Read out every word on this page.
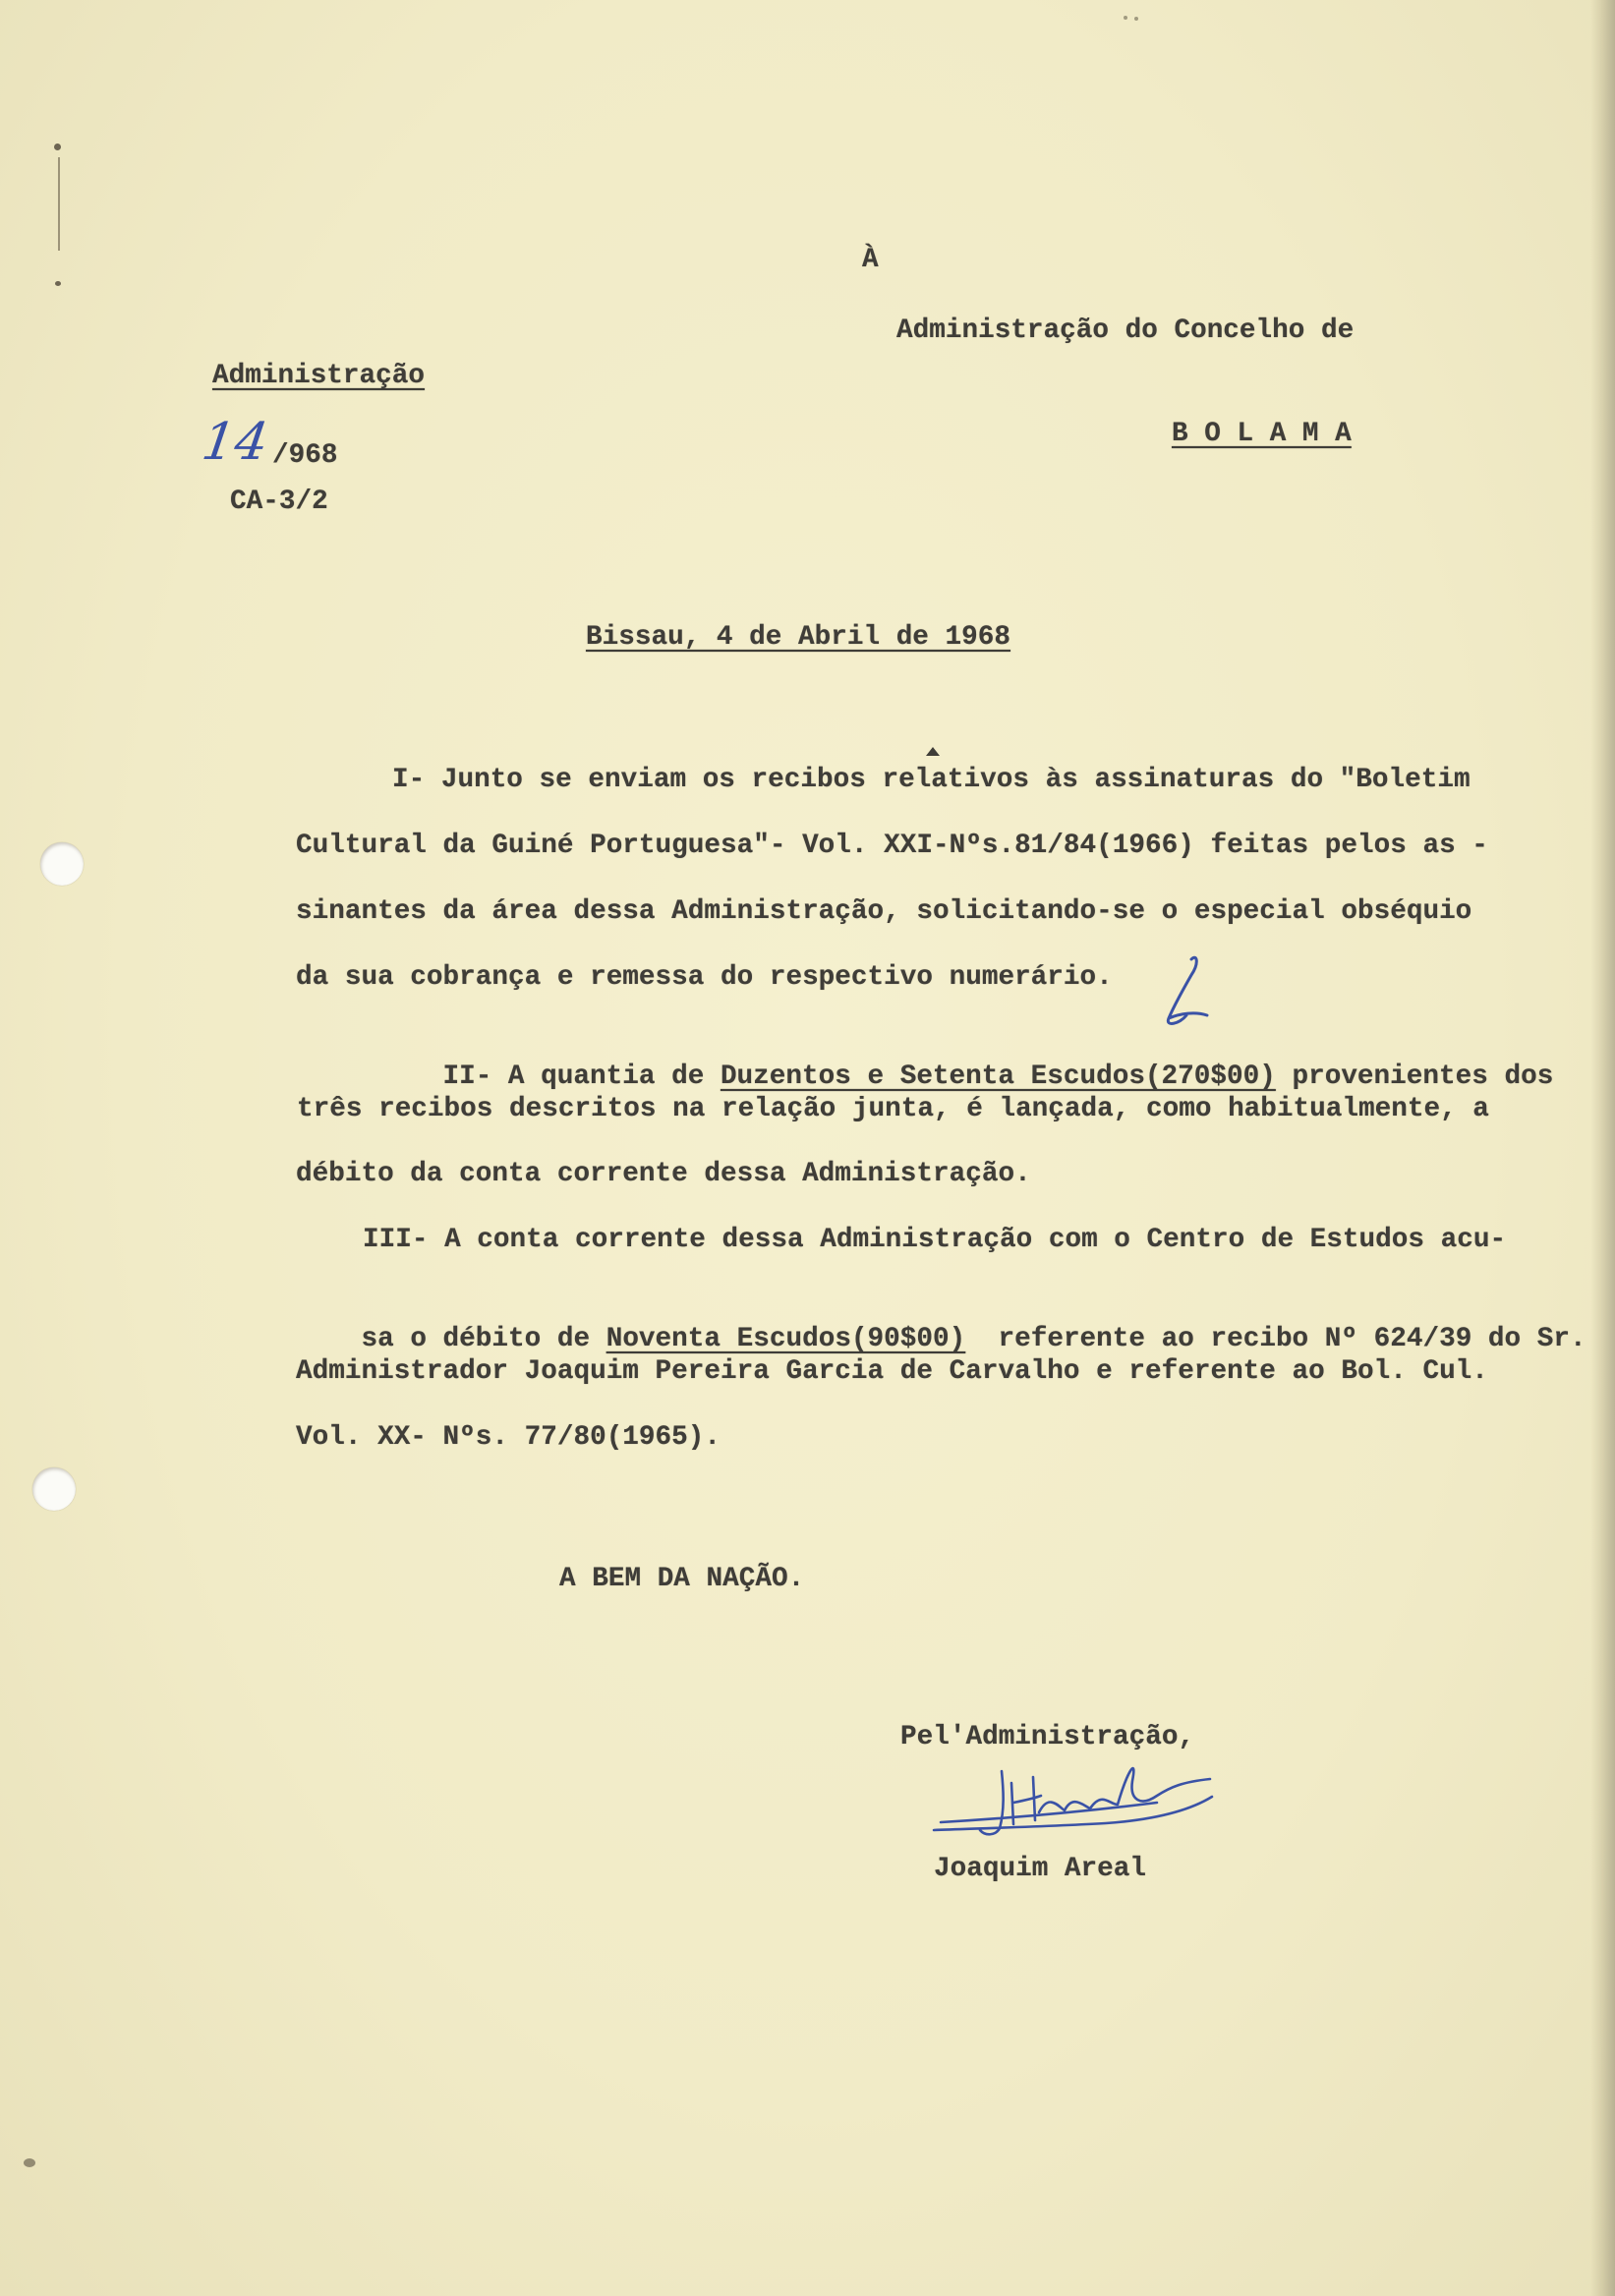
À
Administração do Concelho de
B O L A M A
Administração
14 /968
CA-3/2
Bissau, 4 de Abril de 1968
I- Junto se enviam os recibos relativos às assinaturas do "Boletim
Cultural da Guiné Portuguesa"- Vol. XXI-Nºs.81/84(1966) feitas pelos as -
sinantes da área dessa Administração, solicitando-se o especial obséquio
da sua cobrança e remessa do respectivo numerário.

II- A quantia de Duzentos e Setenta Escudos(270$00) provenientes dos

três recibos descritos na relação junta, é lançada, como habitualmente, a
débito da conta corrente dessa Administração.
III- A conta corrente dessa Administração com o Centro de Estudos acu-

sa o débito de Noventa Escudos(90$00)  referente ao recibo Nº 624/39 do Sr.

Administrador Joaquim Pereira Garcia de Carvalho e referente ao Bol. Cul.
Vol. XX- Nºs. 77/80(1965).
A BEM DA NAÇÃO.
Pel'Administração,
Joaquim Areal
